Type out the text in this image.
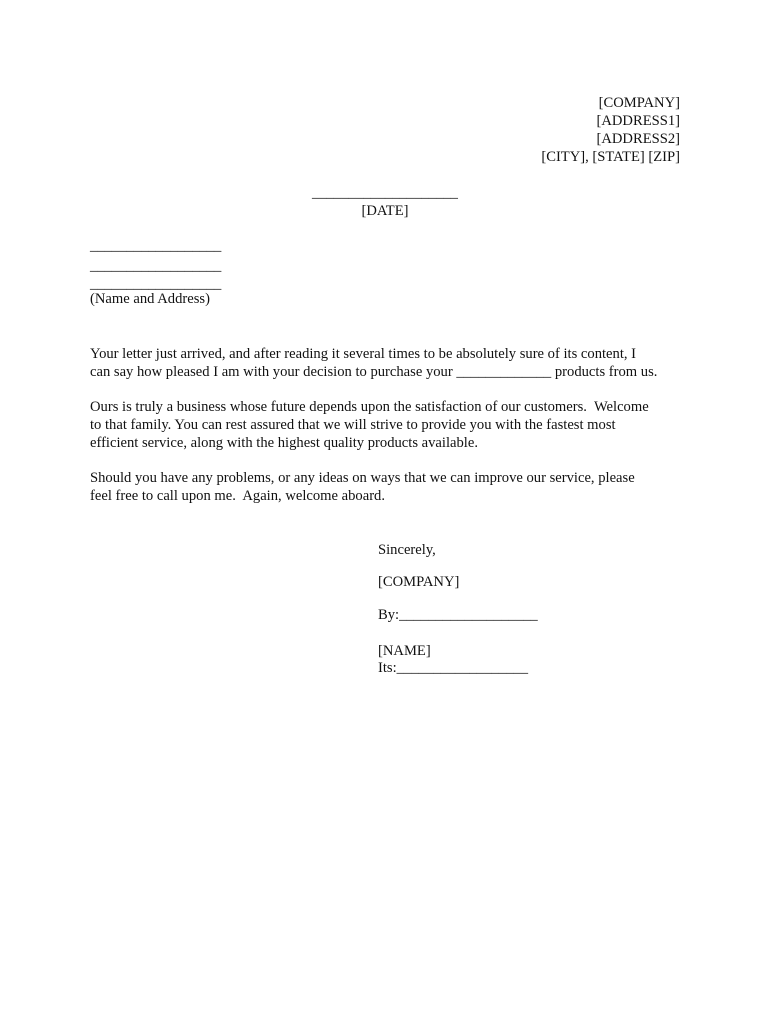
[COMPANY]
[ADDRESS1]
[ADDRESS2]
[CITY], [STATE] [ZIP]
____________________
[DATE]
__________________
__________________
__________________
(Name and Address)
Your letter just arrived, and after reading it several times to be absolutely sure of its content, I
can say how pleased I am with your decision to purchase your _____________ products from us.
Ours is truly a business whose future depends upon the satisfaction of our customers.  Welcome
to that family. You can rest assured that we will strive to provide you with the fastest most
efficient service, along with the highest quality products available.
Should you have any problems, or any ideas on ways that we can improve our service, please
feel free to call upon me.  Again, welcome aboard.
Sincerely,
[COMPANY]
By:___________________
[NAME]
Its:__________________
